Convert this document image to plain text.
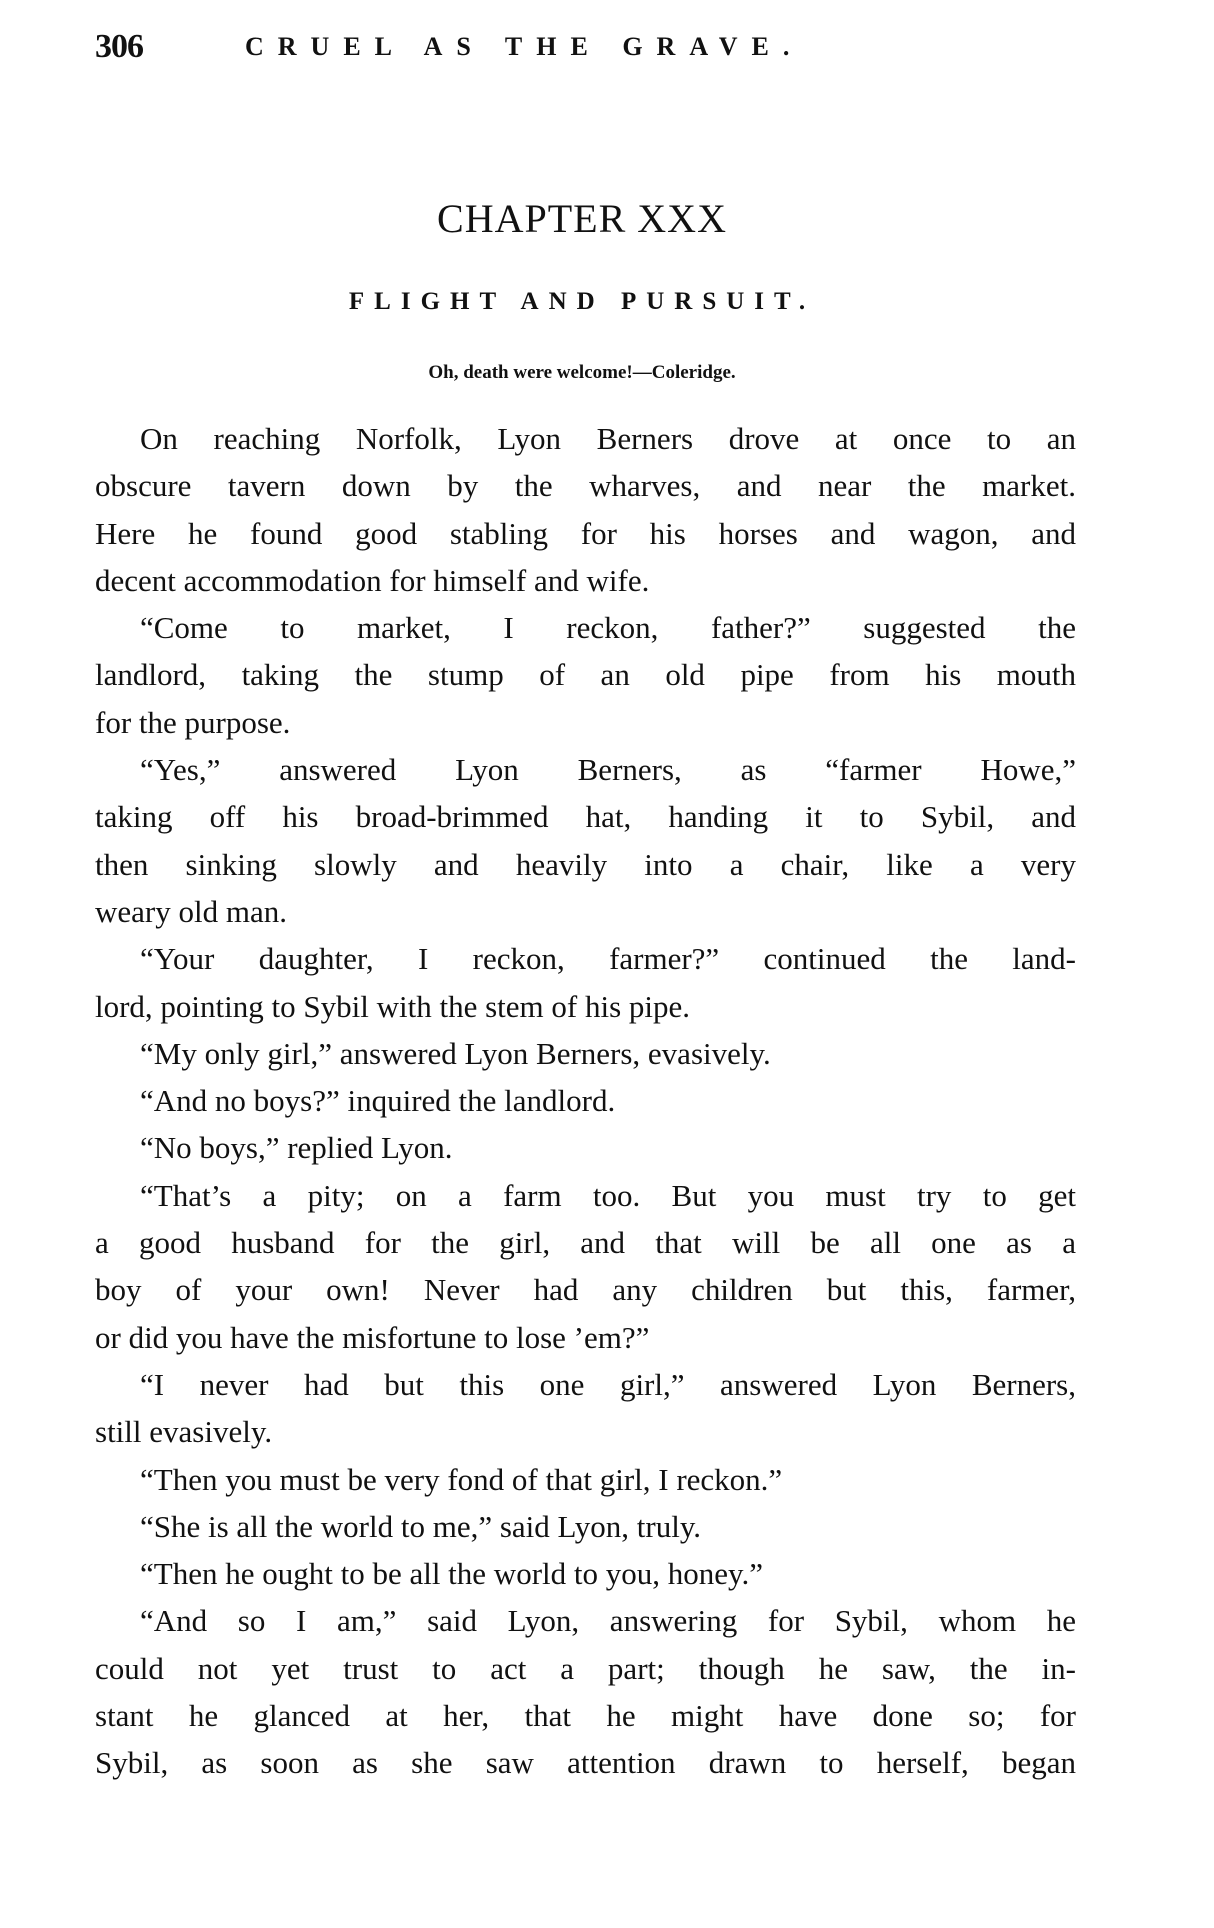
306	CRUEL AS THE GRAVE.
CHAPTER XXX
FLIGHT AND PURSUIT.
Oh, death were welcome!—Coleridge.
On reaching Norfolk, Lyon Berners drove at once to an
obscure tavern down by the wharves, and near the market.
Here he found good stabling for his horses and wagon, and
decent accommodation for himself and wife.
“Come to market, I reckon, father?” suggested the
landlord, taking the stump of an old pipe from his mouth
for the purpose.
“Yes,” answered Lyon Berners, as “farmer Howe,”
taking off his broad-brimmed hat, handing it to Sybil, and
then sinking slowly and heavily into a chair, like a very
weary old man.
“Your daughter, I reckon, farmer?” continued the land-
lord, pointing to Sybil with the stem of his pipe.
“My only girl,” answered Lyon Berners, evasively.
“And no boys?” inquired the landlord.
“No boys,” replied Lyon.
“That’s a pity; on a farm too. But you must try to get
a good husband for the girl, and that will be all one as a
boy of your own! Never had any children but this, farmer,
or did you have the misfortune to lose ’em?”
“I never had but this one girl,” answered Lyon Berners,
still evasively.
“Then you must be very fond of that girl, I reckon.”
“She is all the world to me,” said Lyon, truly.
“Then he ought to be all the world to you, honey.”
“And so I am,” said Lyon, answering for Sybil, whom he
could not yet trust to act a part; though he saw, the in-
stant he glanced at her, that he might have done so; for
Sybil, as soon as she saw attention drawn to herself, began
